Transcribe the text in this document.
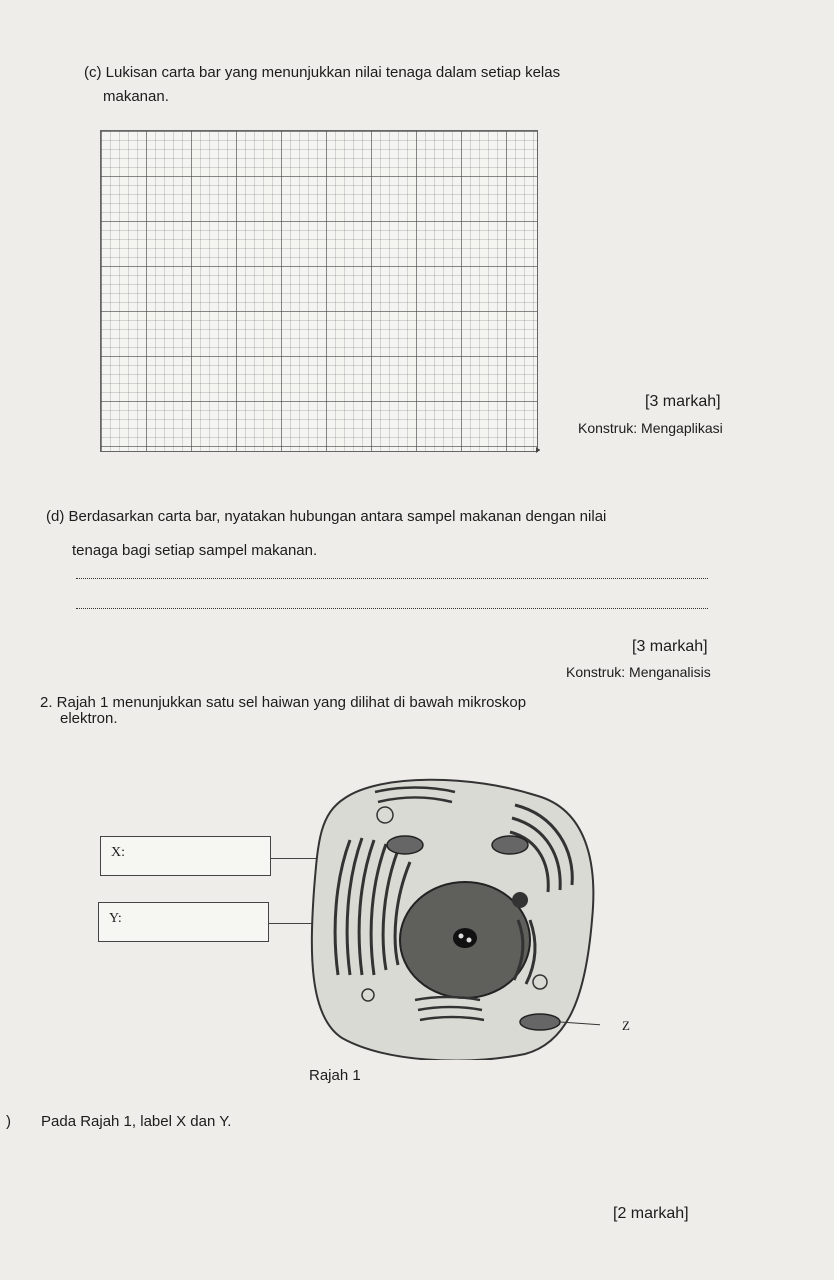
(c) Lukisan carta bar yang menunjukkan nilai tenaga dalam setiap kelas

makanan.

[3 markah]

Konstruk: Mengaplikasi

(d) Berdasarkan carta bar, nyatakan hubungan antara sampel makanan dengan nilai

tenaga bagi setiap sampel makanan.

[3 markah]

Konstruk: Menganalisis

2. Rajah 1 menunjukkan satu sel haiwan yang dilihat di bawah mikroskop

elektron.

X:
Y:

Z

Rajah 1

) Pada Rajah 1, label X dan Y.

[2 markah]
